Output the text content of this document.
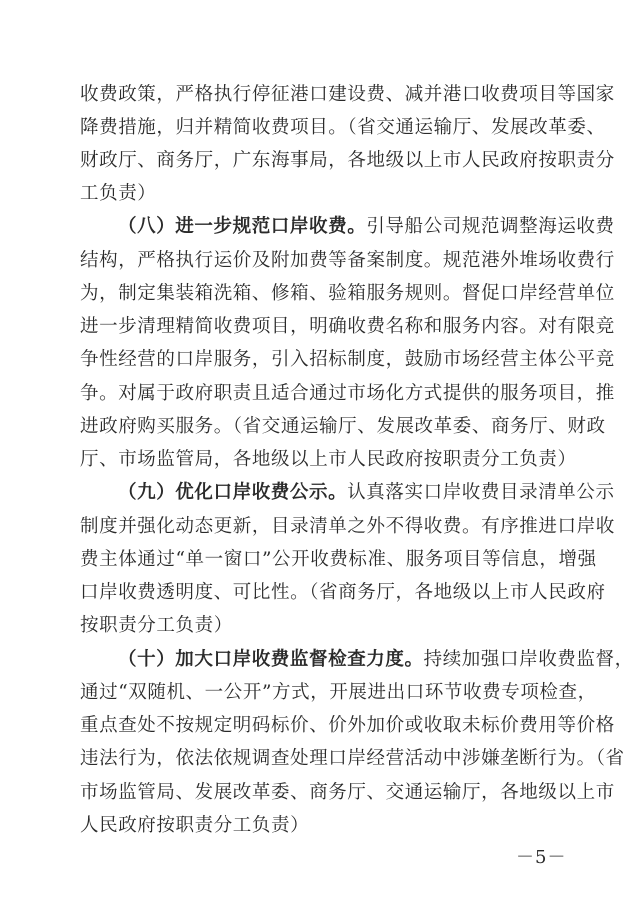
收费政策，严格执行停征港口建设费、减并港口收费项目等国家
降费措施，归并精简收费项目。（省交通运输厅、发展改革委、
财政厅、商务厅，广东海事局，各地级以上市人民政府按职责分
工负责）
（八）进一步规范口岸收费。引导船公司规范调整海运收费
结构，严格执行运价及附加费等备案制度。规范港外堆场收费行
为，制定集装箱洗箱、修箱、验箱服务规则。督促口岸经营单位
进一步清理精简收费项目，明确收费名称和服务内容。对有限竞
争性经营的口岸服务，引入招标制度，鼓励市场经营主体公平竞
争。对属于政府职责且适合通过市场化方式提供的服务项目，推
进政府购买服务。（省交通运输厅、发展改革委、商务厅、财政
厅、市场监管局，各地级以上市人民政府按职责分工负责）
（九）优化口岸收费公示。认真落实口岸收费目录清单公示
制度并强化动态更新，目录清单之外不得收费。有序推进口岸收
费主体通过“单一窗口”公开收费标准、服务项目等信息，增强
口岸收费透明度、可比性。（省商务厅，各地级以上市人民政府
按职责分工负责）
（十）加大口岸收费监督检查力度。持续加强口岸收费监督，
通过“双随机、一公开”方式，开展进出口环节收费专项检查，
重点查处不按规定明码标价、价外加价或收取未标价费用等价格
违法行为，依法依规调查处理口岸经营活动中涉嫌垄断行为。（省
市场监管局、发展改革委、商务厅、交通运输厅，各地级以上市
人民政府按职责分工负责）
－5－
